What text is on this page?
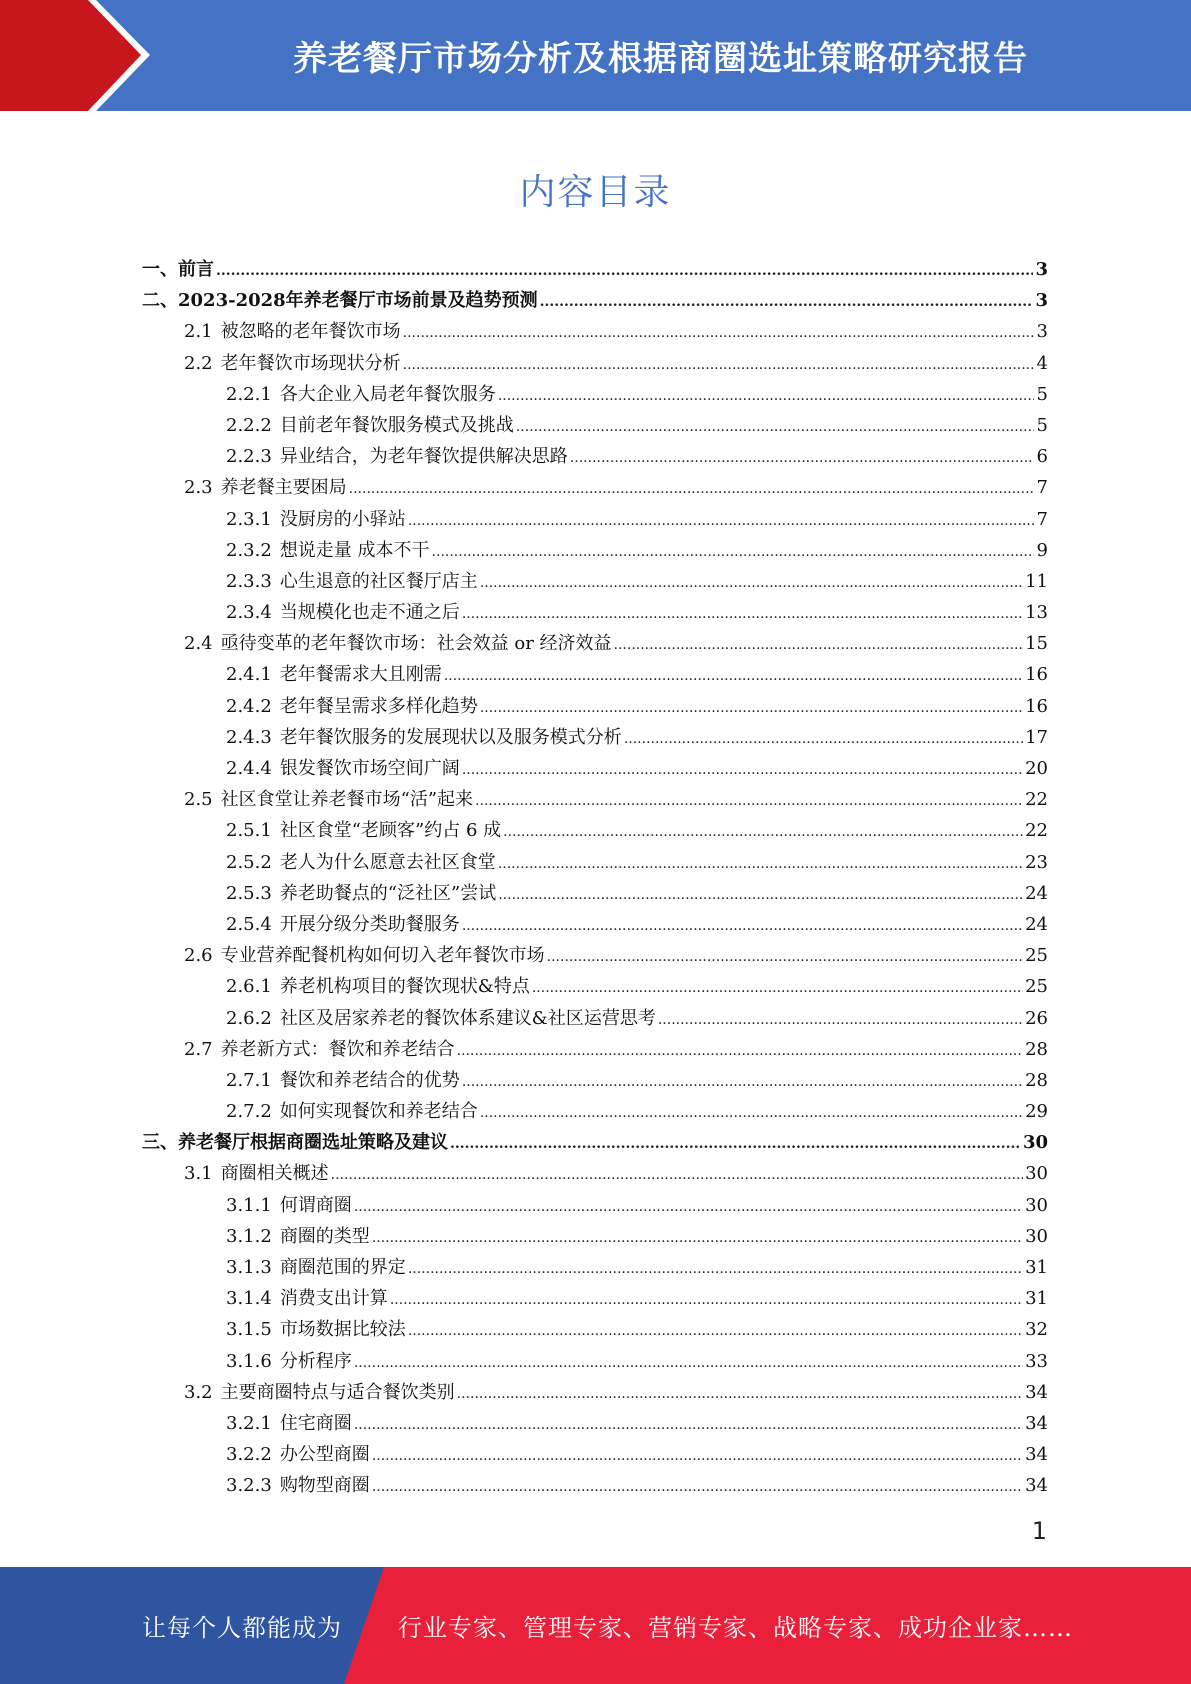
养老餐厅市场分析及根据商圈选址策略研究报告
内容目录
一、前言 .....	3
二、2023-2028年养老餐厅市场前景及趋势预测 .....	3
2.1 被忽略的老年餐饮市场 .....	3
2.2 老年餐饮市场现状分析 .....	4
2.2.1 各大企业入局老年餐饮服务 .....	5
2.2.2 目前老年餐饮服务模式及挑战 .....	5
2.2.3 异业结合，为老年餐饮提供解决思路 .....	6
2.3 养老餐主要困局 .....	7
2.3.1 没厨房的小驿站 .....	7
2.3.2 想说走量 成本不干 .....	9
2.3.3 心生退意的社区餐厅店主 .....	11
2.3.4 当规模化也走不通之后 .....	13
2.4 亟待变革的老年餐饮市场：社会效益 or 经济效益 .....	15
2.4.1 老年餐需求大且刚需 .....	16
2.4.2 老年餐呈需求多样化趋势 .....	16
2.4.3 老年餐饮服务的发展现状以及服务模式分析 .....	17
2.4.4 银发餐饮市场空间广阔 .....	20
2.5 社区食堂让养老餐市场“活”起来 .....	22
2.5.1 社区食堂“老顾客”约占 6 成 .....	22
2.5.2 老人为什么愿意去社区食堂 .....	23
2.5.3 养老助餐点的“泛社区”尝试 .....	24
2.5.4 开展分级分类助餐服务 .....	24
2.6 专业营养配餐机构如何切入老年餐饮市场 .....	25
2.6.1 养老机构项目的餐饮现状&特点 .....	25
2.6.2 社区及居家养老的餐饮体系建议&社区运营思考 .....	26
2.7 养老新方式：餐饮和养老结合 .....	28
2.7.1 餐饮和养老结合的优势 .....	28
2.7.2 如何实现餐饮和养老结合 .....	29
三、养老餐厅根据商圈选址策略及建议 .....	30
3.1 商圈相关概述 .....	30
3.1.1 何谓商圈 .....	30
3.1.2 商圈的类型 .....	30
3.1.3 商圈范围的界定 .....	31
3.1.4 消费支出计算 .....	31
3.1.5 市场数据比较法 .....	32
3.1.6 分析程序 .....	33
3.2 主要商圈特点与适合餐饮类别 .....	34
3.2.1 住宅商圈 .....	34
3.2.2 办公型商圈 .....	34
3.2.3 购物型商圈 .....	34
1
让每个人都能成为 行业专家、管理专家、营销专家、战略专家、成功企业家……
